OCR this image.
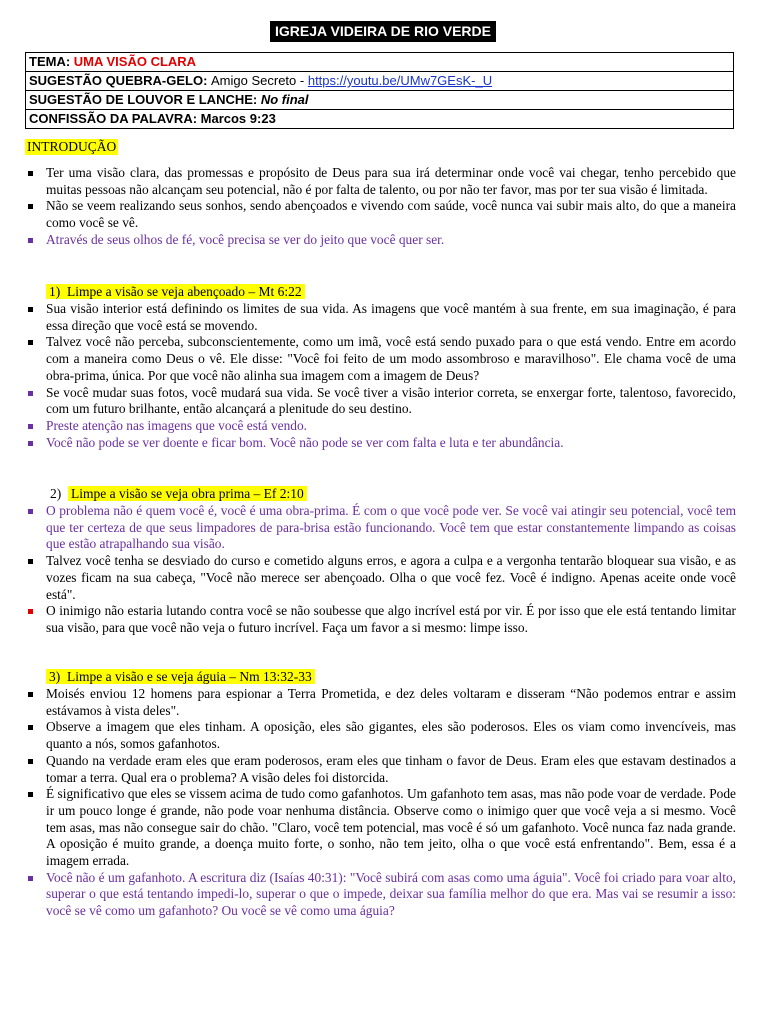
IGREJA VIDEIRA DE RIO VERDE
TEMA: UMA VISÃO CLARA
SUGESTÃO QUEBRA-GELO: Amigo Secreto - https://youtu.be/UMw7GEsK-_U
SUGESTÃO DE LOUVOR E LANCHE: No final
CONFISSÃO DA PALAVRA: Marcos 9:23
INTRODUÇÃO
Ter uma visão clara, das promessas e propósito de Deus para sua irá determinar onde você vai chegar, tenho percebido que muitas pessoas não alcançam seu potencial, não é por falta de talento, ou por não ter favor, mas por ter sua visão é limitada.
Não se veem realizando seus sonhos, sendo abençoados e vivendo com saúde, você nunca vai subir mais alto, do que a maneira como você se vê.
Através de seus olhos de fé, você precisa se ver do jeito que você quer ser.
1) Limpe a visão se veja abençoado – Mt 6:22
Sua visão interior está definindo os limites de sua vida. As imagens que você mantém à sua frente, em sua imaginação, é para essa direção que você está se movendo.
Talvez você não perceba, subconscientemente, como um imã, você está sendo puxado para o que está vendo. Entre em acordo com a maneira como Deus o vê. Ele disse: "Você foi feito de um modo assombroso e maravilhoso". Ele chama você de uma obra-prima, única. Por que você não alinha sua imagem com a imagem de Deus?
Se você mudar suas fotos, você mudará sua vida. Se você tiver a visão interior correta, se enxergar forte, talentoso, favorecido, com um futuro brilhante, então alcançará a plenitude do seu destino.
Preste atenção nas imagens que você está vendo.
Você não pode se ver doente e ficar bom. Você não pode se ver com falta e luta e ter abundância.
2) Limpe a visão se veja obra prima – Ef 2:10
O problema não é quem você é, você é uma obra-prima. É com o que você pode ver. Se você vai atingir seu potencial, você tem que ter certeza de que seus limpadores de para-brisa estão funcionando. Você tem que estar constantemente limpando as coisas que estão atrapalhando sua visão.
Talvez você tenha se desviado do curso e cometido alguns erros, e agora a culpa e a vergonha tentarão bloquear sua visão, e as vozes ficam na sua cabeça, "Você não merece ser abençoado. Olha o que você fez. Você é indigno. Apenas aceite onde você está".
O inimigo não estaria lutando contra você se não soubesse que algo incrível está por vir. É por isso que ele está tentando limitar sua visão, para que você não veja o futuro incrível. Faça um favor a si mesmo: limpe isso.
3) Limpe a visão e se veja águia – Nm 13:32-33
Moisés enviou 12 homens para espionar a Terra Prometida, e dez deles voltaram e disseram “Não podemos entrar e assim estávamos à vista deles".
Observe a imagem que eles tinham. A oposição, eles são gigantes, eles são poderosos. Eles os viam como invencíveis, mas quanto a nós, somos gafanhotos.
Quando na verdade eram eles que eram poderosos, eram eles que tinham o favor de Deus. Eram eles que estavam destinados a tomar a terra. Qual era o problema? A visão deles foi distorcida.
É significativo que eles se vissem acima de tudo como gafanhotos. Um gafanhoto tem asas, mas não pode voar de verdade. Pode ir um pouco longe é grande, não pode voar nenhuma distância. Observe como o inimigo quer que você veja a si mesmo. Você tem asas, mas não consegue sair do chão. "Claro, você tem potencial, mas você é só um gafanhoto. Você nunca faz nada grande. A oposição é muito grande, a doença muito forte, o sonho, não tem jeito, olha o que você está enfrentando". Bem, essa é a imagem errada.
Você não é um gafanhoto. A escritura diz (Isaías 40:31): "Você subirá com asas como uma águia". Você foi criado para voar alto, superar o que está tentando impedi-lo, superar o que o impede, deixar sua família melhor do que era. Mas vai se resumir a isso: você se vê como um gafanhoto? Ou você se vê como uma águia?
